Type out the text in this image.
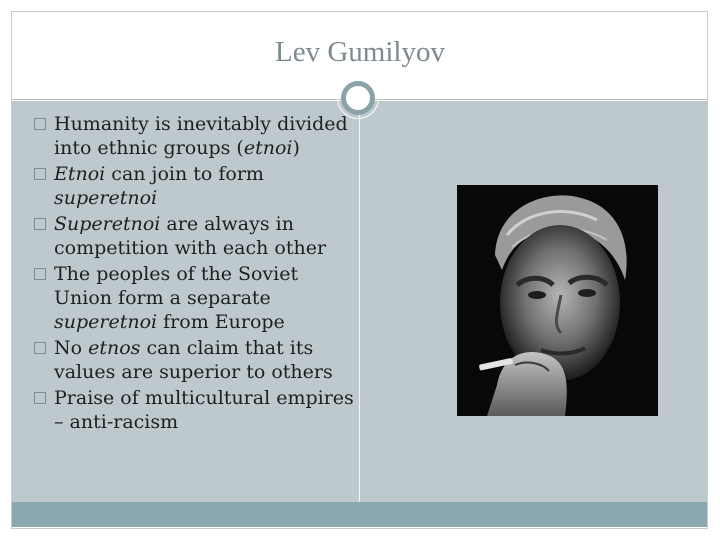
Lev Gumilyov
Humanity is inevitably divided into ethnic groups (etnoi)
Etnoi can join to form superetnoi
Superetnoi are always in competition with each other
The peoples of the Soviet Union form a separate superetnoi from Europe
No etnos can claim that its values are superior to others
Praise of multicultural empires – anti-racism
